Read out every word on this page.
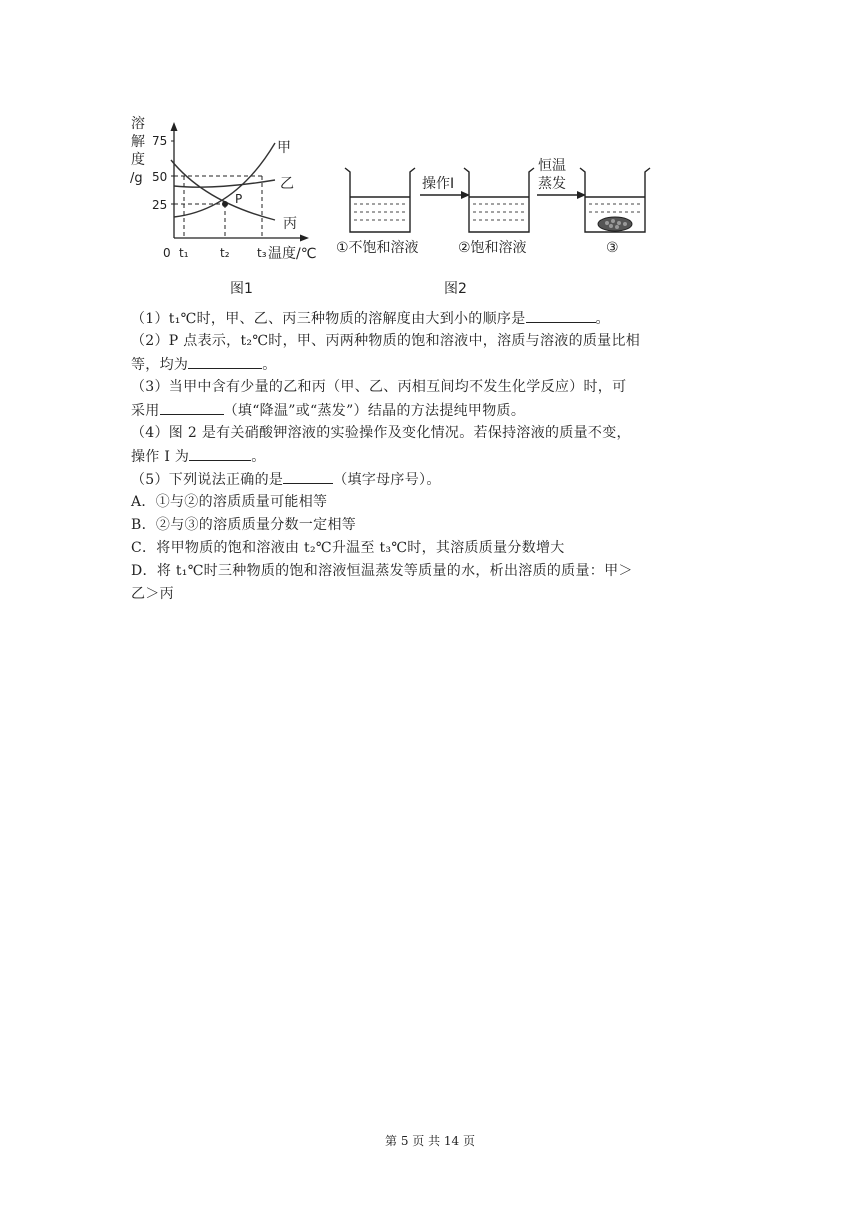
溶
解
度
/g
75
50
25	P
甲
乙
丙
0 t₁	t₂ t₃ 温度/℃
图1
操作I
恒温
蒸发
①不饱和溶液	②饱和溶液	③
图2
（1）t₁℃时，甲、乙、丙三种物质的溶解度由大到小的顺序是	。
（2）P 点表示，t₂℃时，甲、丙两种物质的饱和溶液中，溶质与溶液的质量比相
等，均为	。
（3）当甲中含有少量的乙和丙（甲、乙、丙相互间均不发生化学反应）时，可
采用	（填“降温”或“蒸发”）结晶的方法提纯甲物质。
（4）图 2 是有关硝酸钾溶液的实验操作及变化情况。若保持溶液的质量不变，
操作 I 为	。
（5）下列说法正确的是	（填字母序号）。
A．①与②的溶质质量可能相等
B．②与③的溶质质量分数一定相等
C．将甲物质的饱和溶液由 t₂℃升温至 t₃℃时，其溶质质量分数增大
D．将 t₁℃时三种物质的饱和溶液恒温蒸发等质量的水，析出溶质的质量：甲＞
乙＞丙
第 5 页 共 14 页
